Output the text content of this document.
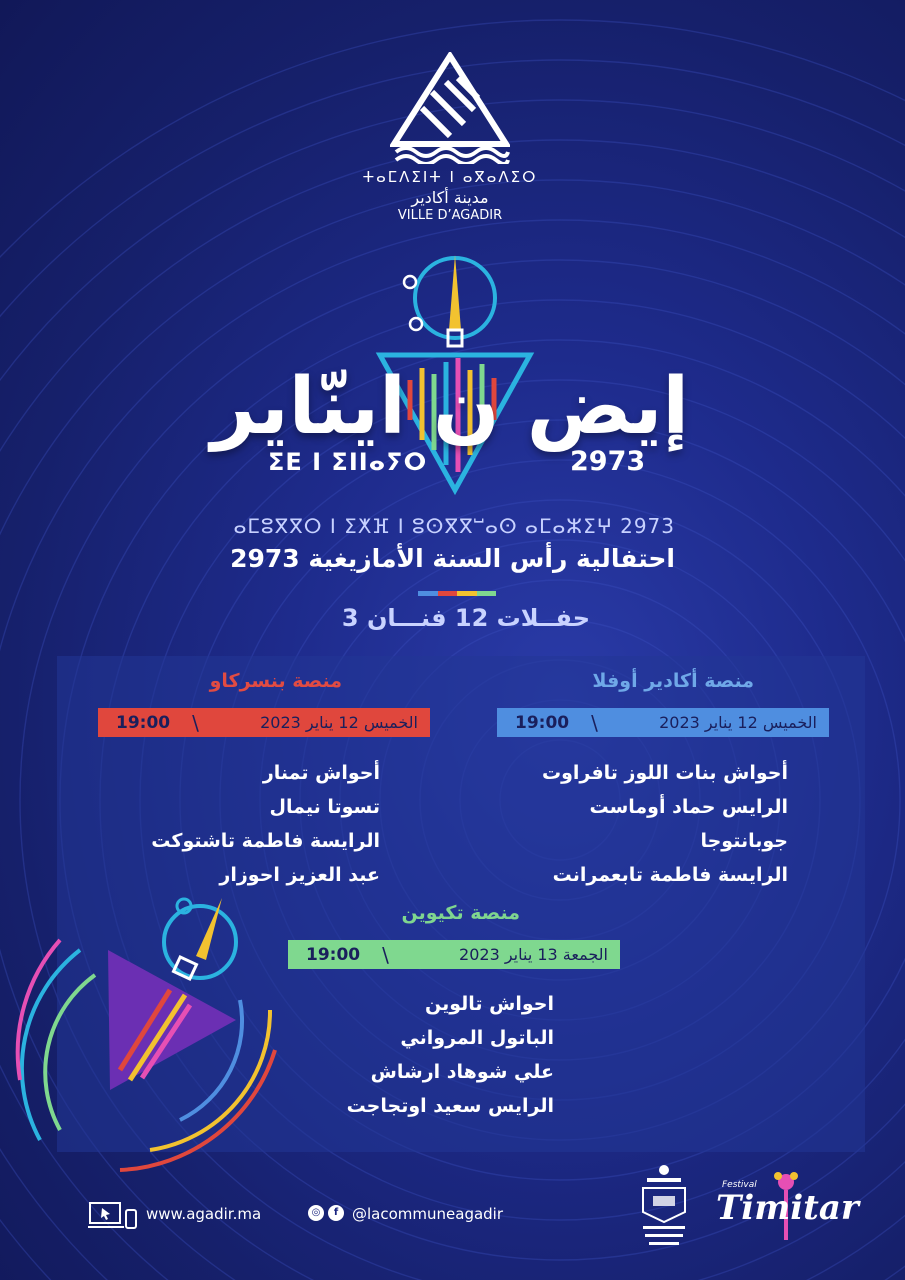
ⵜⴰⵎⴷⵉⵏⵜ ⵏ ⴰⴳⴰⴷⵉⵔ
مدينة أكادير
VILLE D’AGADIR
إيض ن اينّاير
ⵉⴹ ⵏ ⵉⵏⵏⴰⵢⵔ	2973
ⴰⵎⵓⴳⴳⵔ ⵏ ⵉⵅⴼ ⵏ ⵓⵙⴳⴳⵯⴰⵙ ⴰⵎⴰⵣⵉⵖ 2973
احتفالية رأس السنة الأمازيغية 2973
3 حفــلات 12 فنـــان
منصة أكادير أوفلا
19:00 \	الخميس 12 يناير 2023
أحواش بنات اللوز تافراوت
الرايس حماد أوماست
جوبانتوجا
الرايسة فاطمة تابعمرانت
منصة بنسركاو
19:00 \	الخميس 12 يناير 2023
أحواش تمنار
تسوتا نيمال
الرايسة فاطمة تاشتوكت
عبد العزيز احوزار
منصة تكيوين
19:00 \	الجمعة 13 يناير 2023
احواش تالوين
الباتول المرواني
علي شوهاد ارشاش
الرايس سعيد اوتجاجت
www.agadir.ma	◎	f @lacommuneagadir
Festival
Timitar
